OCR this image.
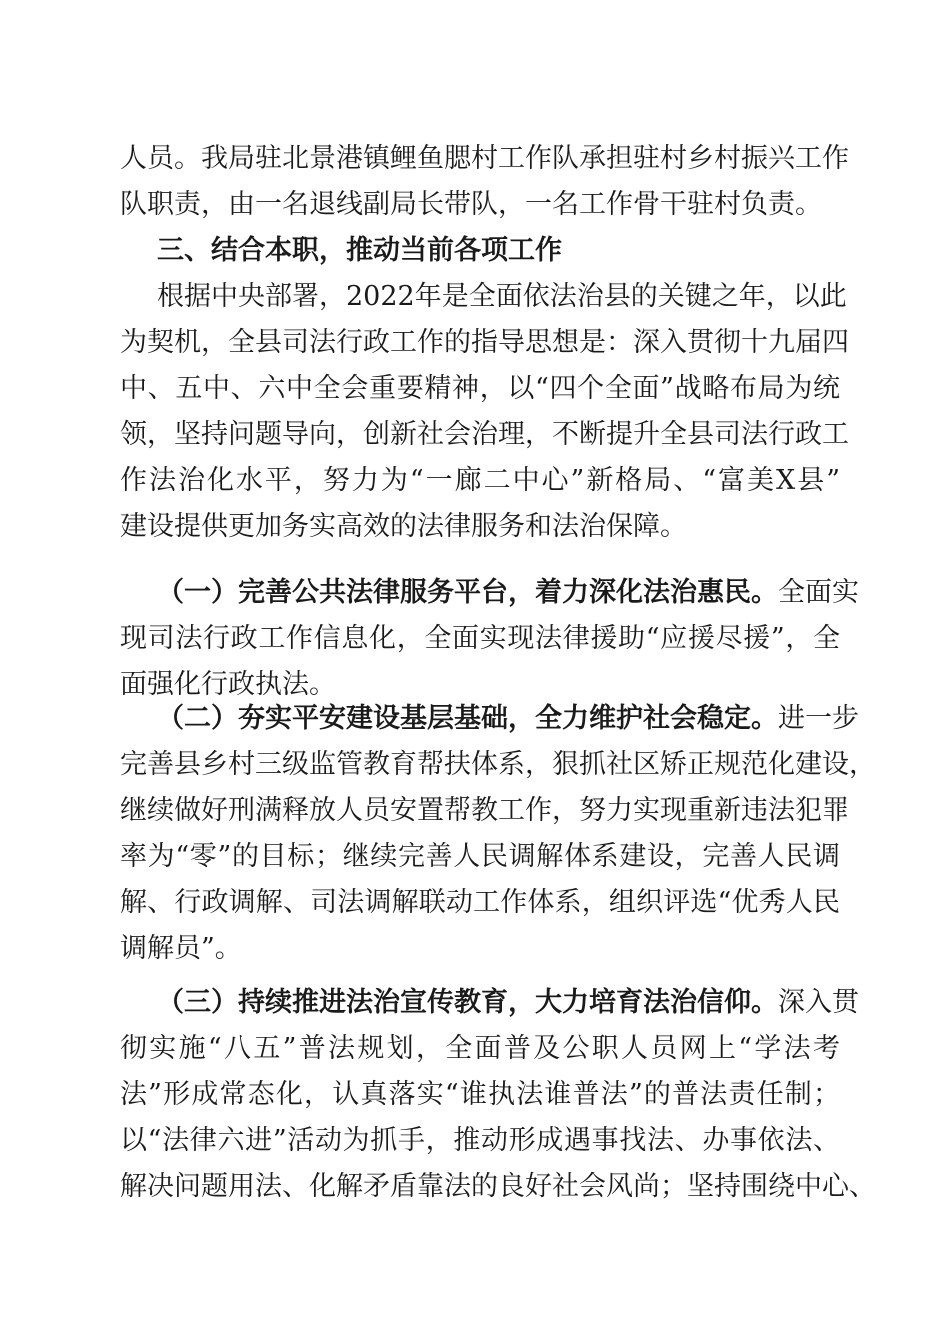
人员。我局驻北景港镇鲤鱼腮村工作队承担驻村乡村振兴工作
队职责，由一名退线副局长带队，一名工作骨干驻村负责。
三、结合本职，推动当前各项工作
根据中央部署，2022年是全面依法治县的关键之年，以此
为契机，全县司法行政工作的指导思想是：深入贯彻十九届四
中、五中、六中全会重要精神，以“四个全面”战略布局为统
领，坚持问题导向，创新社会治理，不断提升全县司法行政工
作法治化水平，努力为“一廊二中心”新格局、“富美X县”
建设提供更加务实高效的法律服务和法治保障。
（一）完善公共法律服务平台，着力深化法治惠民。全面实
现司法行政工作信息化，全面实现法律援助“应援尽援”，全
面强化行政执法。
（二）夯实平安建设基层基础，全力维护社会稳定。进一步
完善县乡村三级监管教育帮扶体系，狠抓社区矫正规范化建设，
继续做好刑满释放人员安置帮教工作，努力实现重新违法犯罪
率为“零”的目标；继续完善人民调解体系建设，完善人民调
解、行政调解、司法调解联动工作体系，组织评选“优秀人民
调解员”。
（三）持续推进法治宣传教育，大力培育法治信仰。深入贯
彻实施“八五”普法规划，全面普及公职人员网上“学法考
法”形成常态化，认真落实“谁执法谁普法”的普法责任制；
以“法律六进”活动为抓手，推动形成遇事找法、办事依法、
解决问题用法、化解矛盾靠法的良好社会风尚；坚持围绕中心、
